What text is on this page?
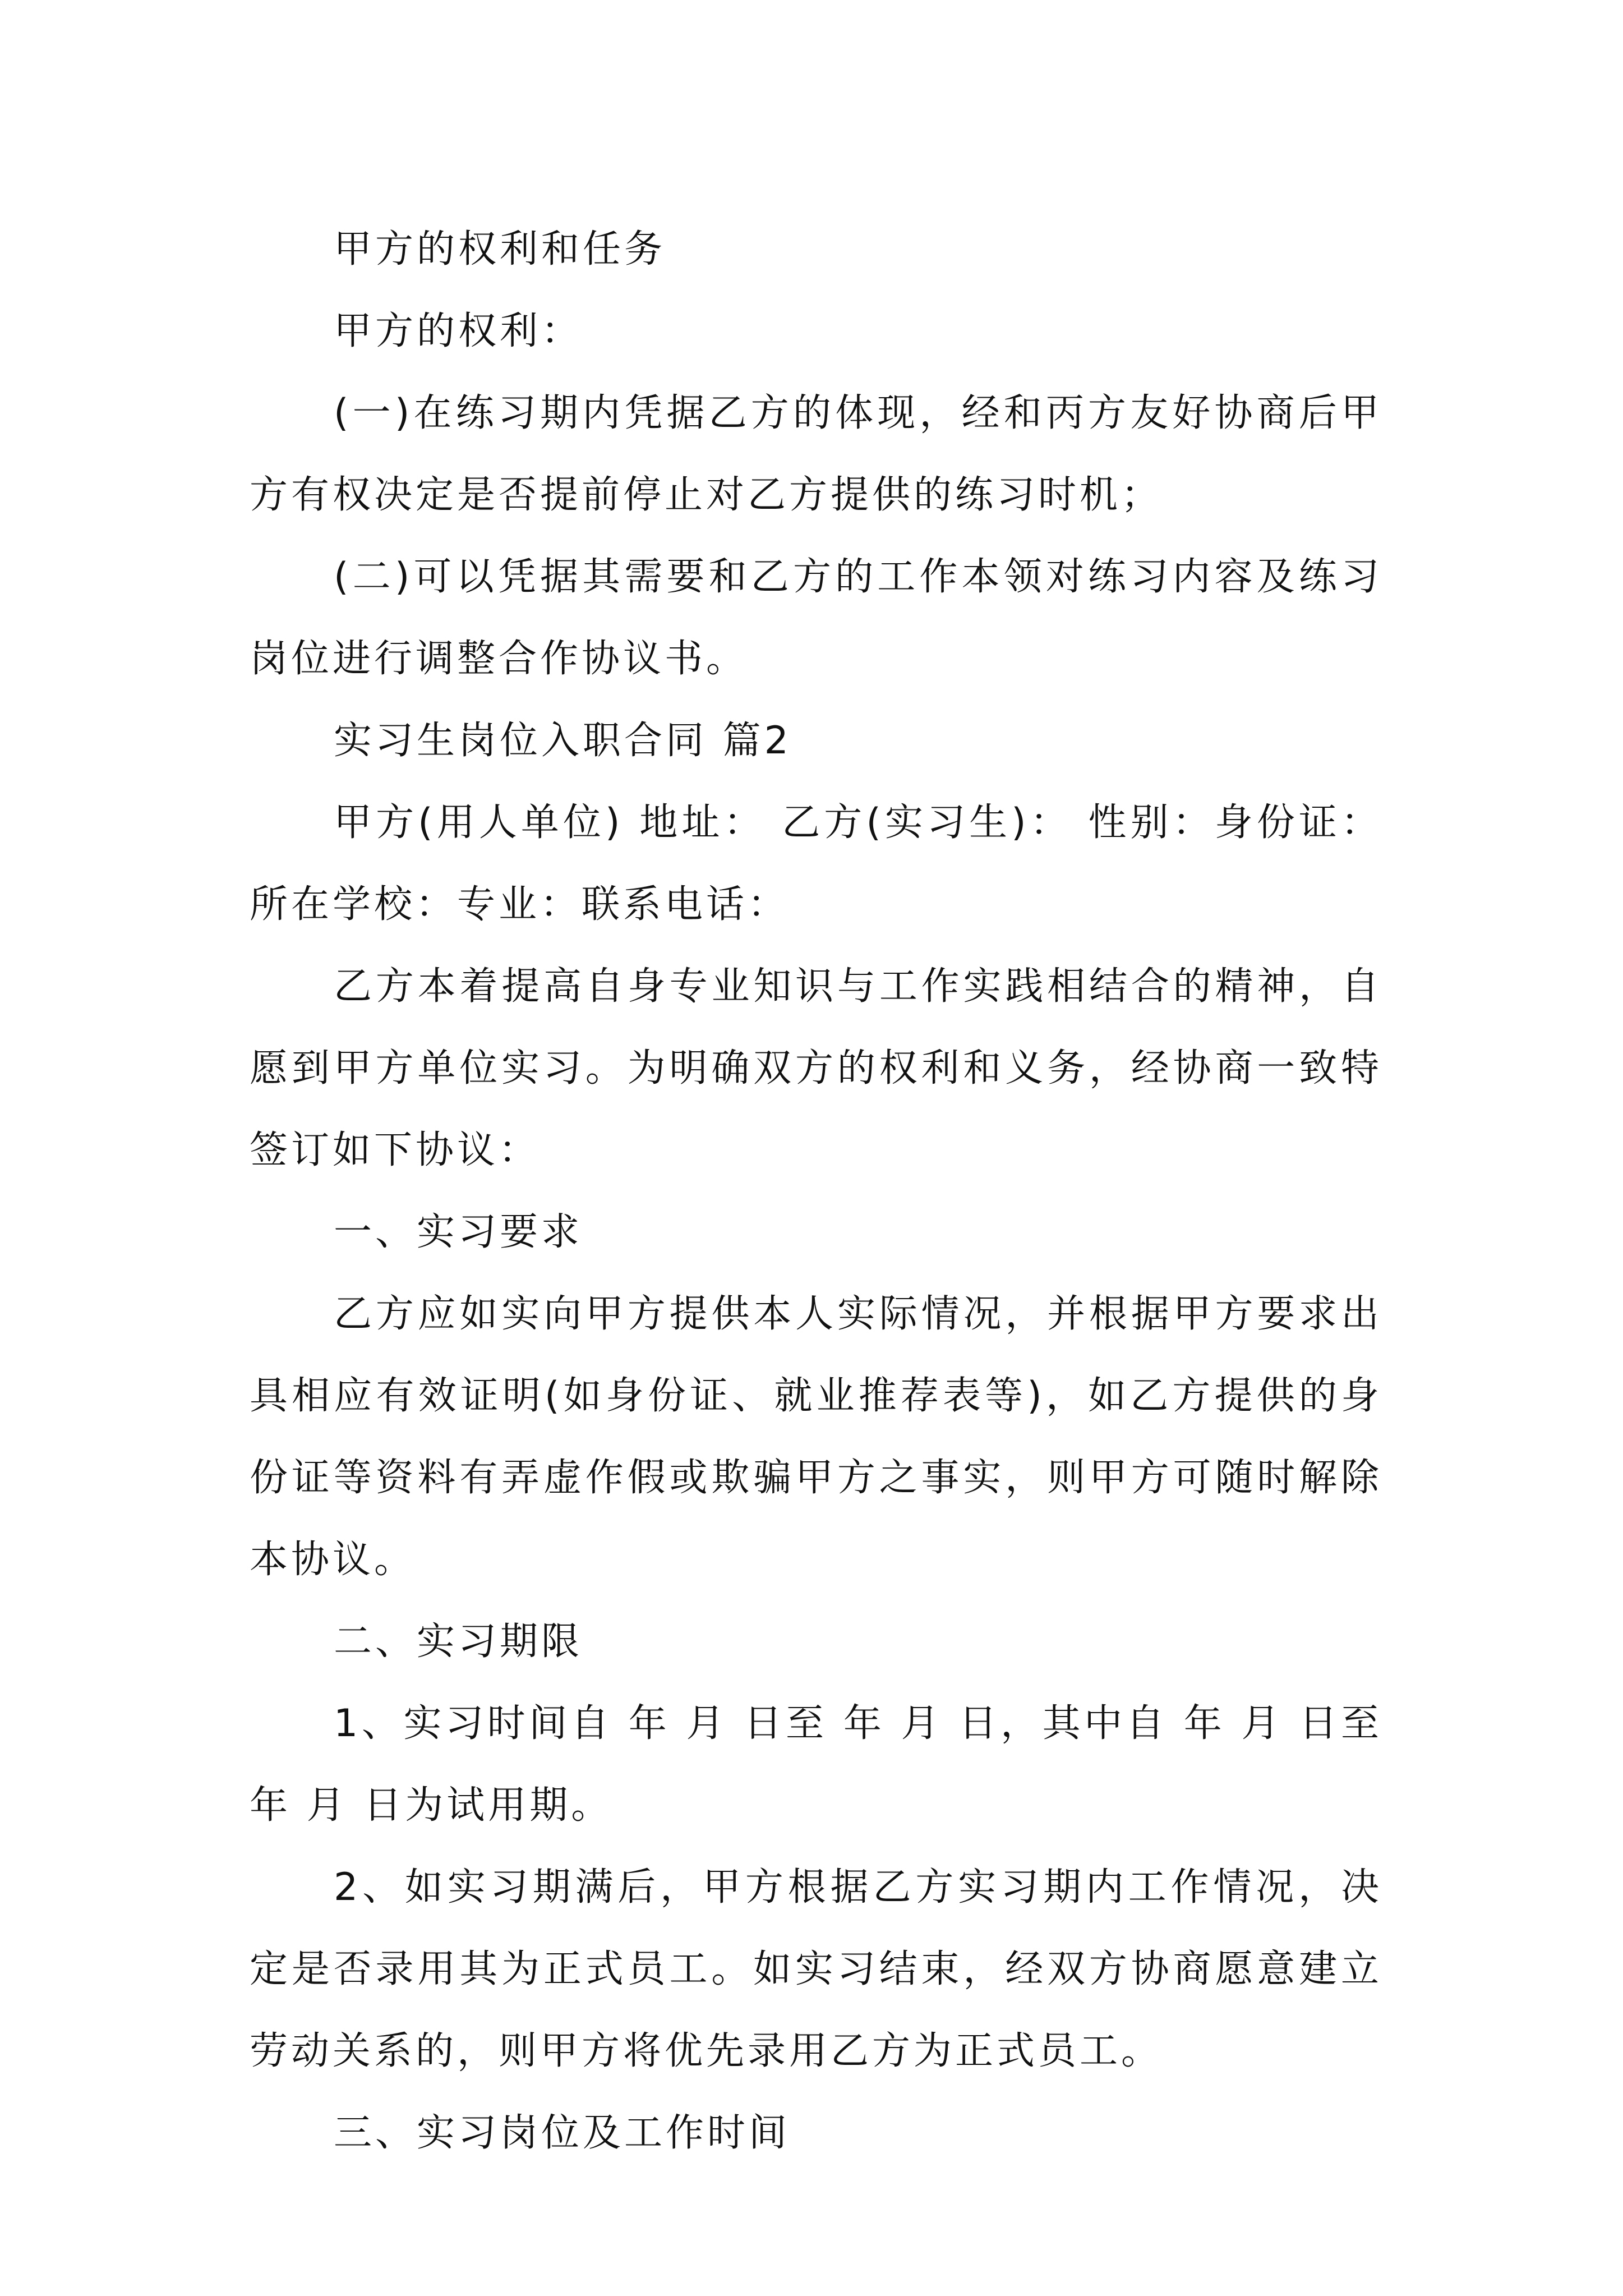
甲方的权利和任务

甲方的权利：

(一)在练习期内凭据乙方的体现，经和丙方友好协商后甲方有权决定是否提前停止对乙方提供的练习时机；

(二)可以凭据其需要和乙方的工作本领对练习内容及练习岗位进行调整合作协议书。

实习生岗位入职合同 篇2

甲方(用人单位) 地址： 乙方(实习生)： 性别：身份证： 所在学校：专业：联系电话：

乙方本着提高自身专业知识与工作实践相结合的精神，自愿到甲方单位实习。为明确双方的权利和义务，经协商一致特签订如下协议：

一、实习要求

乙方应如实向甲方提供本人实际情况，并根据甲方要求出具相应有效证明(如身份证、就业推荐表等)，如乙方提供的身份证等资料有弄虚作假或欺骗甲方之事实，则甲方可随时解除本协议。

二、实习期限

1、实习时间自 年 月 日至 年 月 日，其中自 年 月 日至 年 月 日为试用期。

2、如实习期满后，甲方根据乙方实习期内工作情况，决定是否录用其为正式员工。如实习结束，经双方协商愿意建立劳动关系的，则甲方将优先录用乙方为正式员工。

三、实习岗位及工作时间
